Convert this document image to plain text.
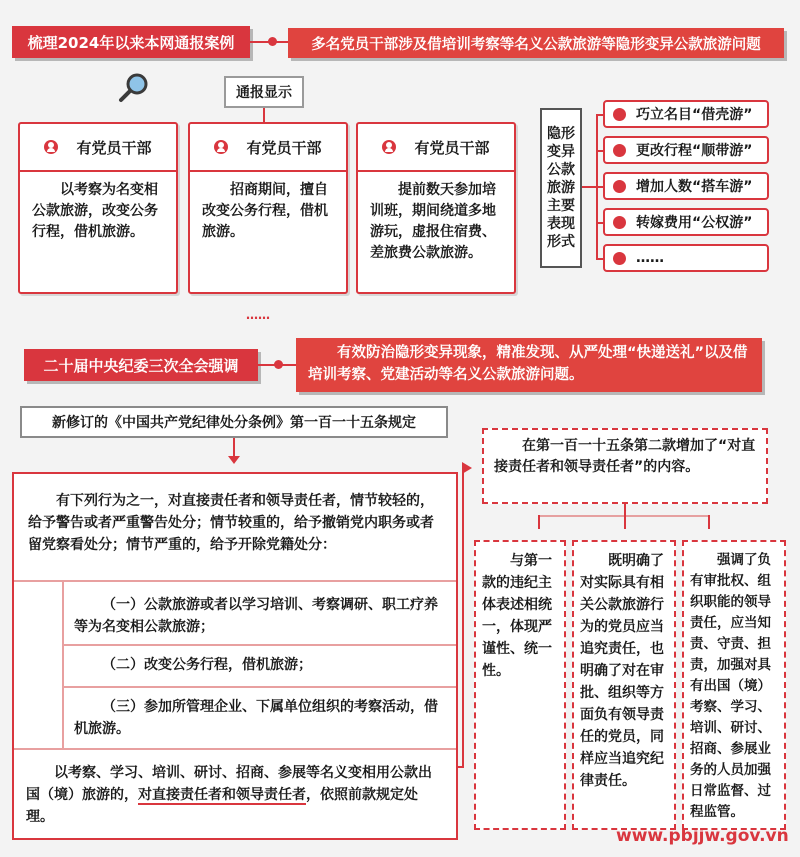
梳理2024年以来本网通报案例	多名党员干部涉及借培训考察等名义公款旅游等隐形变异公款旅游问题
通报显示
有党员干部
以考察为名变相公款旅游，改变公务行程，借机旅游。
有党员干部
招商期间，擅自改变公务行程，借机旅游。
有党员干部
提前数天参加培训班，期间绕道多地游玩，虚报住宿费、差旅费公款旅游。
隐形变异公款旅游主要表现形式
巧立名目“借壳游”
更改行程“顺带游”
增加人数“搭车游”
转嫁费用“公权游”
……
……
二十届中央纪委三次全会强调
有效防治隐形变异现象，精准发现、从严处理“快递送礼”以及借培训考察、党建活动等名义公款旅游问题。
新修订的《中国共产党纪律处分条例》第一百一十五条规定
有下列行为之一，对直接责任者和领导责任者，情节较轻的，给予警告或者严重警告处分；情节较重的，给予撤销党内职务或者留党察看处分；情节严重的，给予开除党籍处分：
（一）公款旅游或者以学习培训、考察调研、职工疗养等为名变相公款旅游；
（二）改变公务行程，借机旅游；
（三）参加所管理企业、下属单位组织的考察活动，借机旅游。
以考察、学习、培训、研讨、招商、参展等名义变相用公款出国（境）旅游的，对直接责任者和领导责任者，依照前款规定处理。
在第一百一十五条第二款增加了“对直接责任者和领导责任者”的内容。
与第一款的违纪主体表述相统一，体现严谨性、统一性。
既明确了对实际具有相关公款旅游行为的党员应当追究责任，也明确了对在审批、组织等方面负有领导责任的党员，同样应当追究纪律责任。
强调了负有审批权、组织职能的领导责任，应当知责、守责、担责，加强对具有出国（境）考察、学习、培训、研讨、招商、参展业务的人员加强日常监督、过程监管。
www.pbjjw.gov.vn
